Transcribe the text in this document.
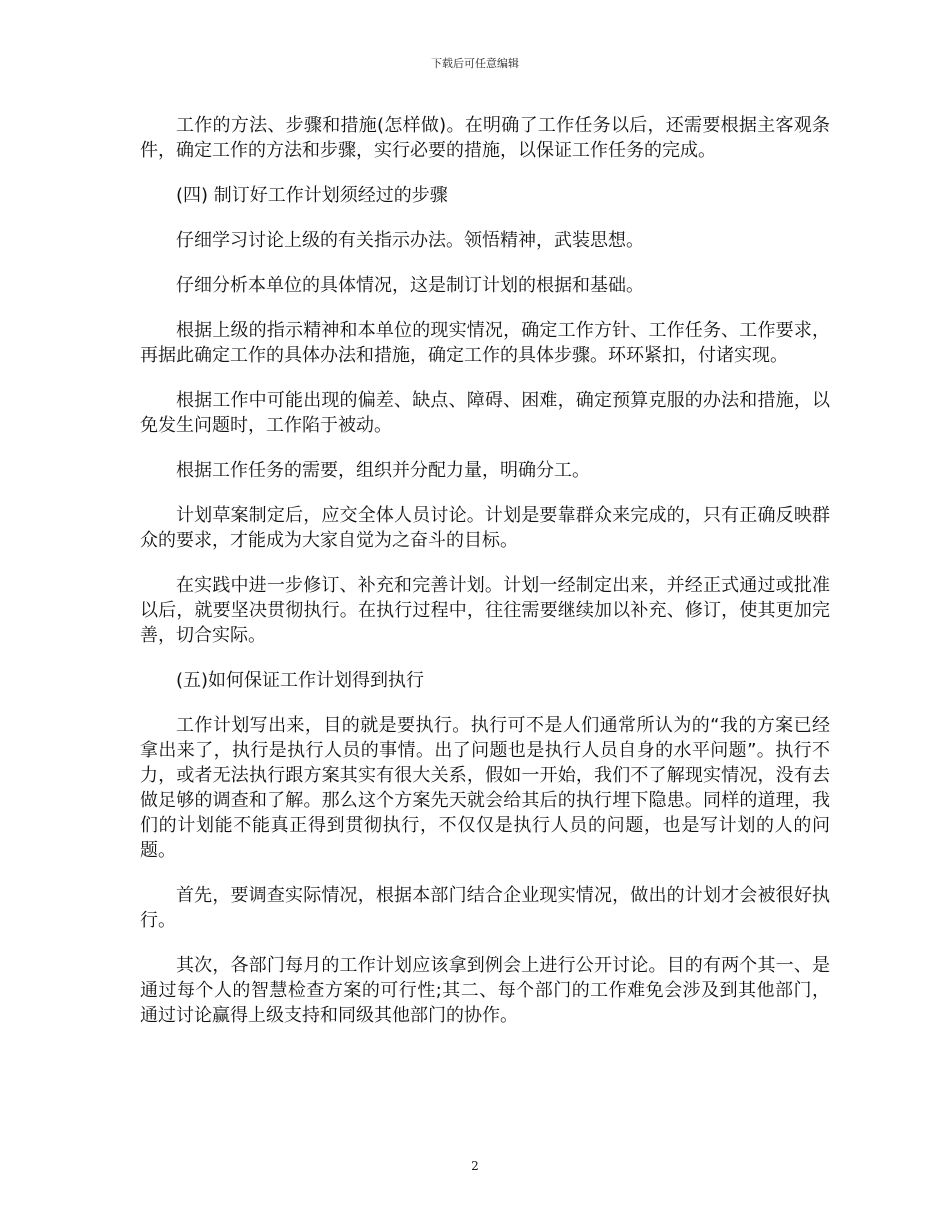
下载后可任意编辑

工作的方法、步骤和措施(怎样做)。在明确了工作任务以后，还需要根据主客观条件，确定工作的方法和步骤，实行必要的措施，以保证工作任务的完成。

(四) 制订好工作计划须经过的步骤

仔细学习讨论上级的有关指示办法。领悟精神，武装思想。

仔细分析本单位的具体情况，这是制订计划的根据和基础。

根据上级的指示精神和本单位的现实情况，确定工作方针、工作任务、工作要求，再据此确定工作的具体办法和措施，确定工作的具体步骤。环环紧扣，付诸实现。

根据工作中可能出现的偏差、缺点、障碍、困难，确定预算克服的办法和措施，以免发生问题时，工作陷于被动。

根据工作任务的需要，组织并分配力量，明确分工。

计划草案制定后，应交全体人员讨论。计划是要靠群众来完成的，只有正确反映群众的要求，才能成为大家自觉为之奋斗的目标。

在实践中进一步修订、补充和完善计划。计划一经制定出来，并经正式通过或批准以后，就要坚决贯彻执行。在执行过程中，往往需要继续加以补充、修订，使其更加完善，切合实际。

(五)如何保证工作计划得到执行

工作计划写出来，目的就是要执行。执行可不是人们通常所认为的“我的方案已经拿出来了，执行是执行人员的事情。出了问题也是执行人员自身的水平问题”。执行不力，或者无法执行跟方案其实有很大关系，假如一开始，我们不了解现实情况，没有去做足够的调查和了解。那么这个方案先天就会给其后的执行埋下隐患。同样的道理，我们的计划能不能真正得到贯彻执行，不仅仅是执行人员的问题，也是写计划的人的问题。

首先，要调查实际情况，根据本部门结合企业现实情况，做出的计划才会被很好执行。

其次，各部门每月的工作计划应该拿到例会上进行公开讨论。目的有两个其一、是通过每个人的智慧检查方案的可行性;其二、每个部门的工作难免会涉及到其他部门，通过讨论赢得上级支持和同级其他部门的协作。

2
